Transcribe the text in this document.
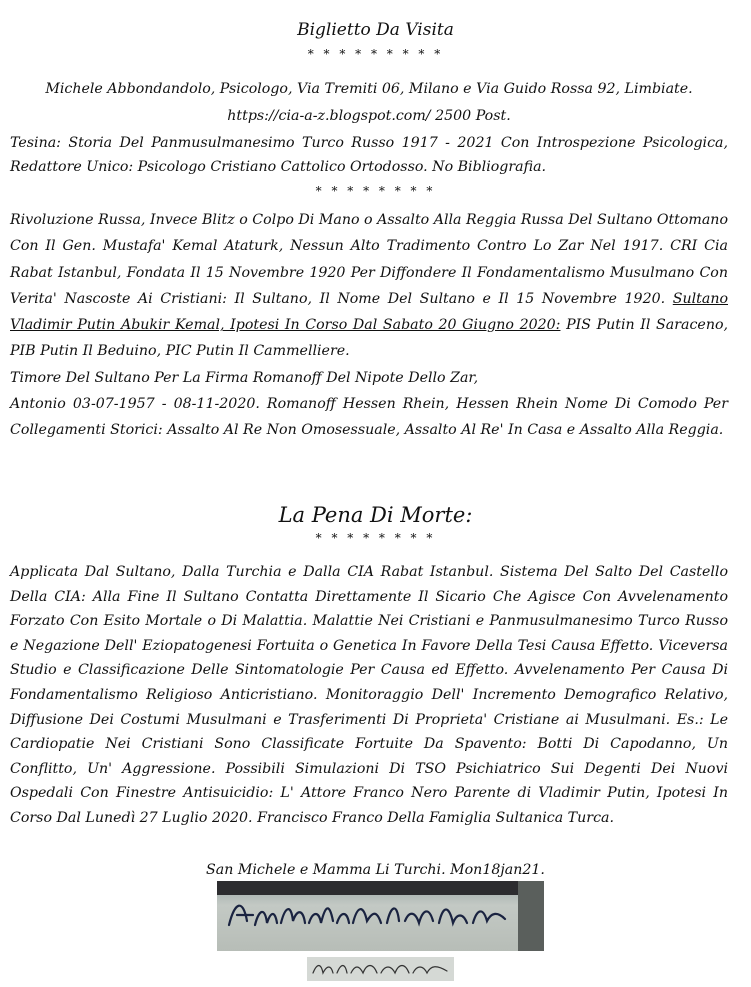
Biglietto Da Visita
* * * * * * * * *
Michele Abbondandolo, Psicologo, Via Tremiti 06, Milano e Via Guido Rossa 92, Limbiate.
https://cia-a-z.blogspot.com/ 2500 Post.
Tesina: Storia Del Panmusulmanesimo Turco Russo 1917 - 2021 Con Introspezione Psicologica, Redattore Unico: Psicologo Cristiano Cattolico Ortodosso. No Bibliografia.
* * * * * * * *
Rivoluzione Russa, Invece Blitz o Colpo Di Mano o Assalto Alla Reggia Russa Del Sultano Ottomano Con Il Gen. Mustafa' Kemal Ataturk, Nessun Alto Tradimento Contro Lo Zar Nel 1917. CRI Cia Rabat Istanbul, Fondata Il 15 Novembre 1920 Per Diffondere Il Fondamentalismo Musulmano Con Verita' Nascoste Ai Cristiani: Il Sultano, Il Nome Del Sultano e Il 15 Novembre 1920. Sultano Vladimir Putin Abukir Kemal, Ipotesi In Corso Dal Sabato 20 Giugno 2020: PIS Putin Il Saraceno, PIB Putin Il Beduino, PIC Putin Il Cammelliere.
Timore Del Sultano Per La Firma Romanoff Del Nipote Dello Zar,
Antonio 03-07-1957 - 08-11-2020. Romanoff Hessen Rhein, Hessen Rhein Nome Di Comodo Per Collegamenti Storici: Assalto Al Re Non Omosessuale, Assalto Al Re' In Casa e Assalto Alla Reggia.
La Pena Di Morte:
* * * * * * * *
Applicata Dal Sultano, Dalla Turchia e Dalla CIA Rabat Istanbul. Sistema Del Salto Del Castello Della CIA: Alla Fine Il Sultano Contatta Direttamente Il Sicario Che Agisce Con Avvelenamento Forzato Con Esito Mortale o Di Malattia. Malattie Nei Cristiani e Panmusulmanesimo Turco Russo e Negazione Dell' Eziopatogenesi Fortuita o Genetica In Favore Della Tesi Causa Effetto. Viceversa Studio e Classificazione Delle Sintomatologie Per Causa ed Effetto. Avvelenamento Per Causa Di Fondamentalismo Religioso Anticristiano. Monitoraggio Dell' Incremento Demografico Relativo, Diffusione Dei Costumi Musulmani e Trasferimenti Di Proprieta' Cristiane ai Musulmani. Es.: Le Cardiopatie Nei Cristiani Sono Classificate Fortuite Da Spavento: Botti Di Capodanno, Un Conflitto, Un' Aggressione. Possibili Simulazioni Di TSO Psichiatrico Sui Degenti Dei Nuovi Ospedali Con Finestre Antisuicidio: L' Attore Franco Nero Parente di Vladimir Putin, Ipotesi In Corso Dal Lunedì 27 Luglio 2020. Francisco Franco Della Famiglia Sultanica Turca.
San Michele e Mamma Li Turchi. Mon18jan21.
